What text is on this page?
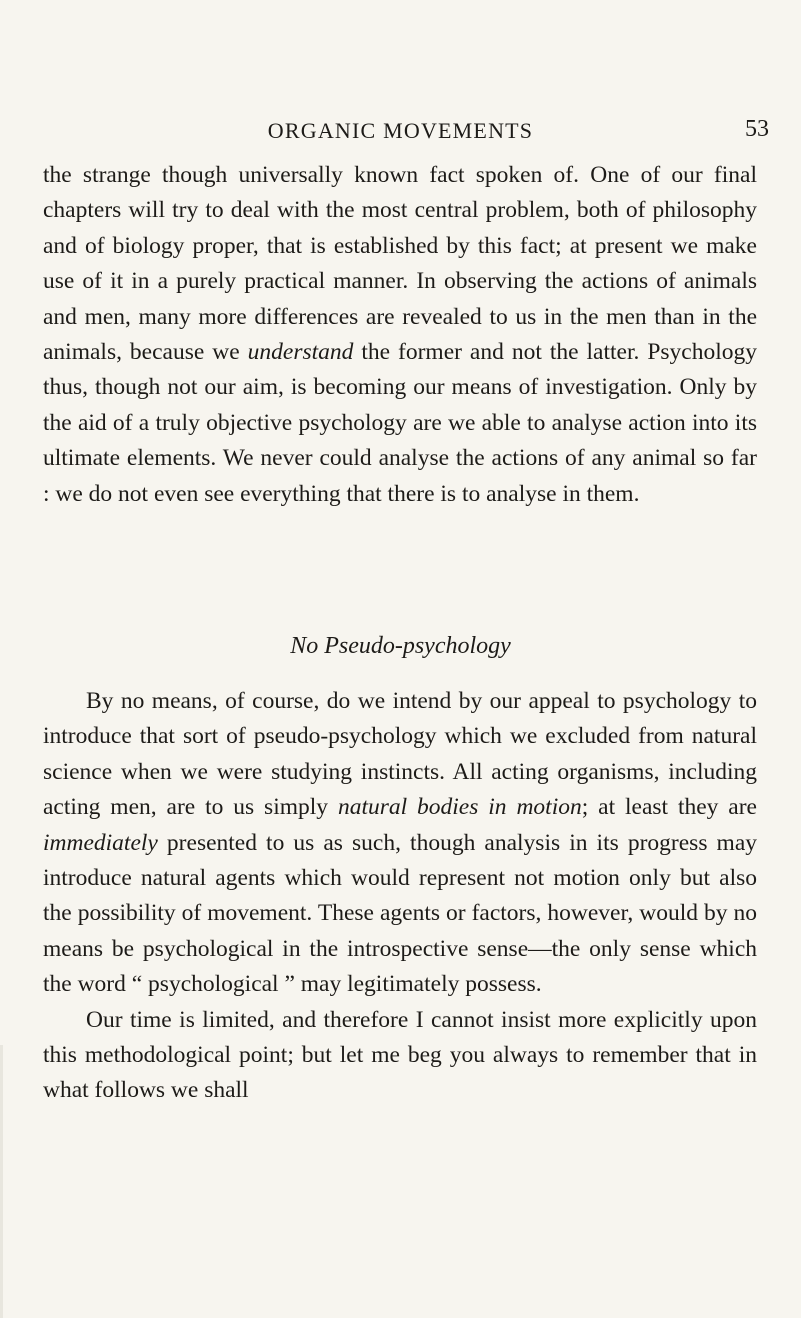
ORGANIC MOVEMENTS	53

the strange though universally known fact spoken of. One of our final chapters will try to deal with the most central problem, both of philosophy and of biology proper, that is established by this fact; at present we make use of it in a purely practical manner. In observing the actions of animals and men, many more differences are revealed to us in the men than in the animals, because we understand the former and not the latter. Psychology thus, though not our aim, is becoming our means of investigation. Only by the aid of a truly objective psychology are we able to analyse action into its ultimate elements. We never could analyse the actions of any animal so far : we do not even see everything that there is to analyse in them.

No Pseudo-psychology

By no means, of course, do we intend by our appeal to psychology to introduce that sort of pseudo-psychology which we excluded from natural science when we were studying instincts. All acting organisms, including acting men, are to us simply natural bodies in motion; at least they are immediately presented to us as such, though analysis in its progress may introduce natural agents which would represent not motion only but also the possibility of movement. These agents or factors, however, would by no means be psychological in the introspective sense—the only sense which the word “ psychological ” may legitimately possess.

Our time is limited, and therefore I cannot insist more explicitly upon this methodological point; but let me beg you always to remember that in what follows we shall
